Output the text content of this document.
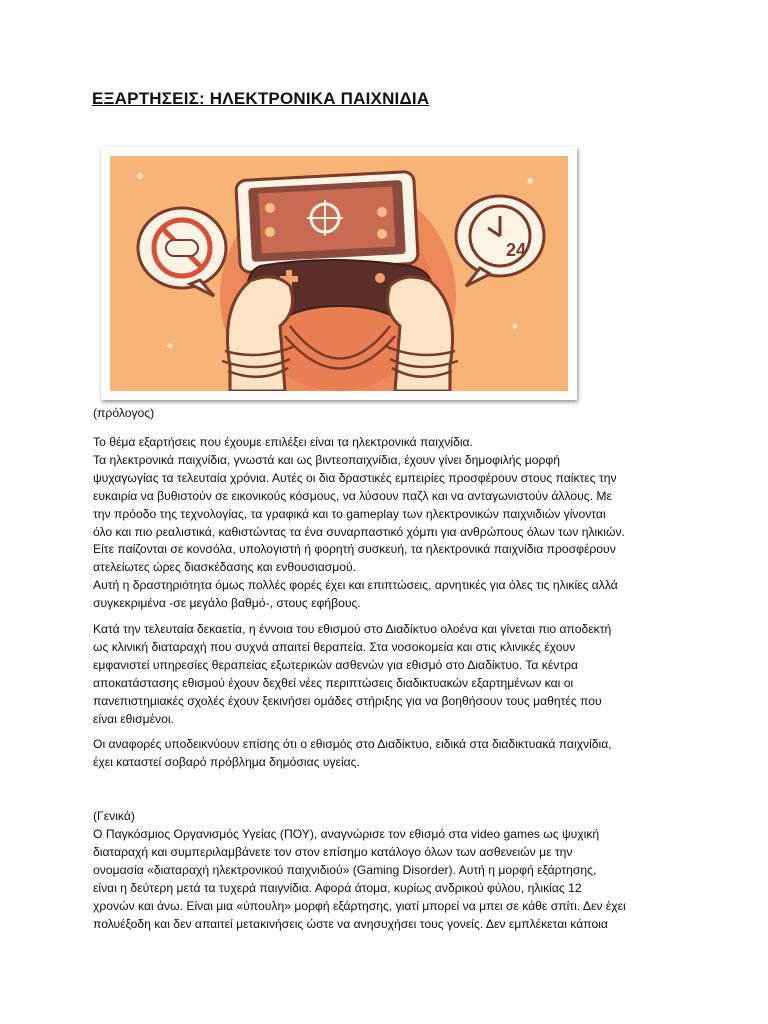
ΕΞΑΡΤΗΣΕΙΣ: ΗΛΕΚΤΡΟΝΙΚΑ ΠΑΙΧΝΙΔΙΑ
24
(πρόλογος)
Το θέμα εξαρτήσεις που έχουμε επιλέξει είναι τα ηλεκτρονικά παιχνίδια.
Τα ηλεκτρονικά παιχνίδια, γνωστά και ως βιντεοπαιχνίδια, έχουν γίνει δημοφιλής μορφή
ψυχαγωγίας τα τελευταία χρόνια. Αυτές οι δια δραστικές εμπειρίες προσφέρουν στους παίκτες την
ευκαιρία να βυθιστούν σε εικονικούς κόσμους, να λύσουν παζλ και να ανταγωνιστούν άλλους. Με
την πρόοδο της τεχνολογίας, τα γραφικά και το gameplay των ηλεκτρονικών παιχνιδιών γίνονται
όλο και πιο ρεαλιστικά, καθιστώντας τα ένα συναρπαστικό χόμπι για ανθρώπους όλων των ηλικιών.
Είτε παίζονται σε κονσόλα, υπολογιστή ή φορητή συσκευή, τα ηλεκτρονικά παιχνίδια προσφέρουν
ατελείωτες ώρες διασκέδασης και ενθουσιασμού.
Αυτή η δραστηριότητα όμως πολλές φορές έχει και επιπτώσεις, αρνητικές για όλες τις ηλικίες αλλά
συγκεκριμένα -σε μεγάλο βαθμό-, στους εφήβους.
Κατά την τελευταία δεκαετία, η έννοια του εθισμού στο Διαδίκτυο ολοένα και γίνεται πιο αποδεκτή
ως κλινική διαταραχή που συχνά απαιτεί θεραπεία. Στα νοσοκομεία και στις κλινικές έχουν
εμφανιστεί υπηρεσίες θεραπείας εξωτερικών ασθενών για εθισμό στο Διαδίκτυο. Τα κέντρα
αποκατάστασης εθισμού έχουν δεχθεί νέες περιπτώσεις διαδικτυακών εξαρτημένων και οι
πανεπιστημιακές σχολές έχουν ξεκινήσει ομάδες στήριξης για να βοηθήσουν τους μαθητές που
είναι εθισμένοι.
Οι αναφορές υποδεικνύουν επίσης ότι ο εθισμός στο Διαδίκτυο, ειδικά στα διαδικτυακά παιχνίδια,
έχει καταστεί σοβαρό πρόβλημα δημόσιας υγείας.
(Γενικά)
Ο Παγκόσμιος Οργανισμός Υγείας (ΠΟΥ), αναγνώρισε τον εθισμό στα video games ως ψυχική
διαταραχή και συμπεριλαμβάνετε τον στον επίσημο κατάλογο όλων των ασθενειών με την
ονομασία «διαταραχή ηλεκτρονικού παιχνιδιού» (Gaming Disorder). Αυτή η μορφή εξάρτησης,
είναι η δεύτερη μετά τα τυχερά παιγνίδια. Αφορά άτομα, κυρίως ανδρικού φύλου, ηλικίας 12
χρονών και άνω. Είναι μια «ύπουλη» μορφή εξάρτησης, γιατί μπορεί να μπει σε κάθε σπίτι. Δεν έχει
πολυέξοδη και δεν απαιτεί μετακινήσεις ώστε να ανησυχήσει τους γονείς. Δεν εμπλέκεται κάποια
